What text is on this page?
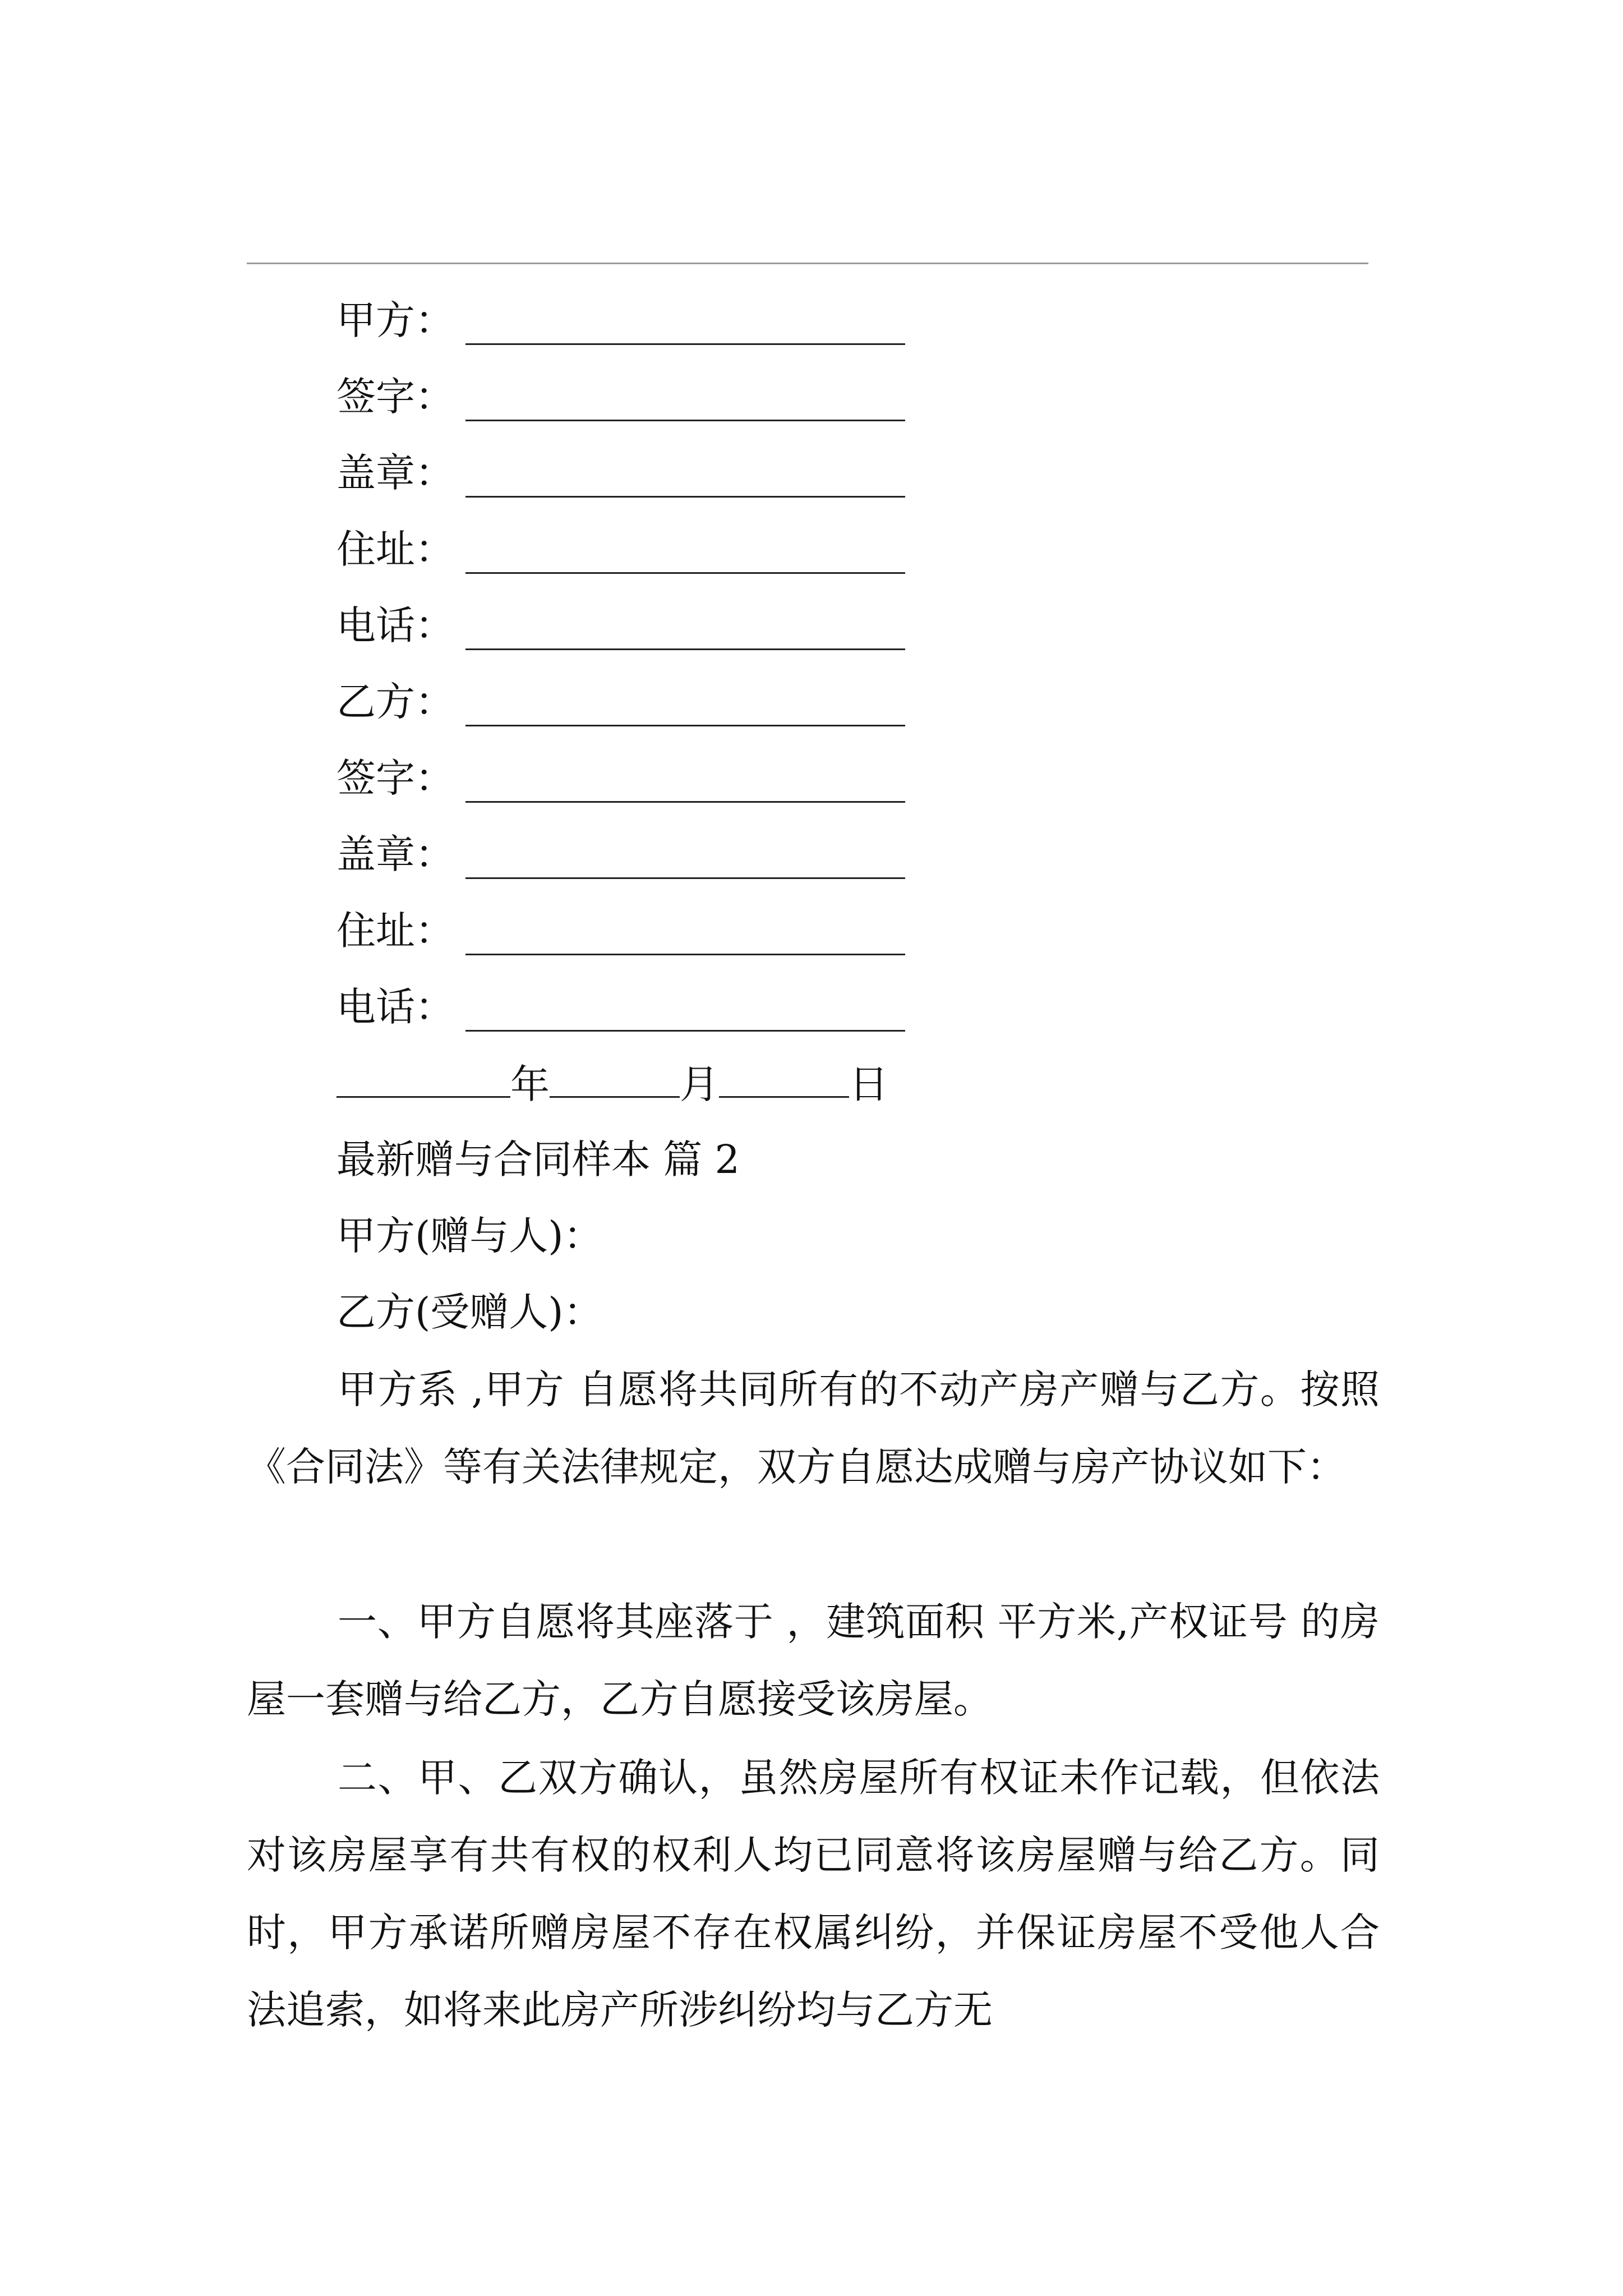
甲方：
签字：
盖章：
住址：
电话：
乙方：
签字：
盖章：
住址：
电话：
年	月	日
最新赠与合同样本 篇 2
甲方(赠与人)：
乙方(受赠人)：
甲方系 ,甲方 自愿将共同所有的不动产房产赠与乙方。按照《合同法》等有关法律规定，双方自愿达成赠与房产协议如下：
一、甲方自愿将其座落于 ，建筑面积 平方米,产权证号 的房屋一套赠与给乙方，乙方自愿接受该房屋。
二、甲、乙双方确认，虽然房屋所有权证未作记载，但依法对该房屋享有共有权的权利人均已同意将该房屋赠与给乙方。同时，甲方承诺所赠房屋不存在权属纠纷，并保证房屋不受他人合法追索，如将来此房产所涉纠纷均与乙方无
